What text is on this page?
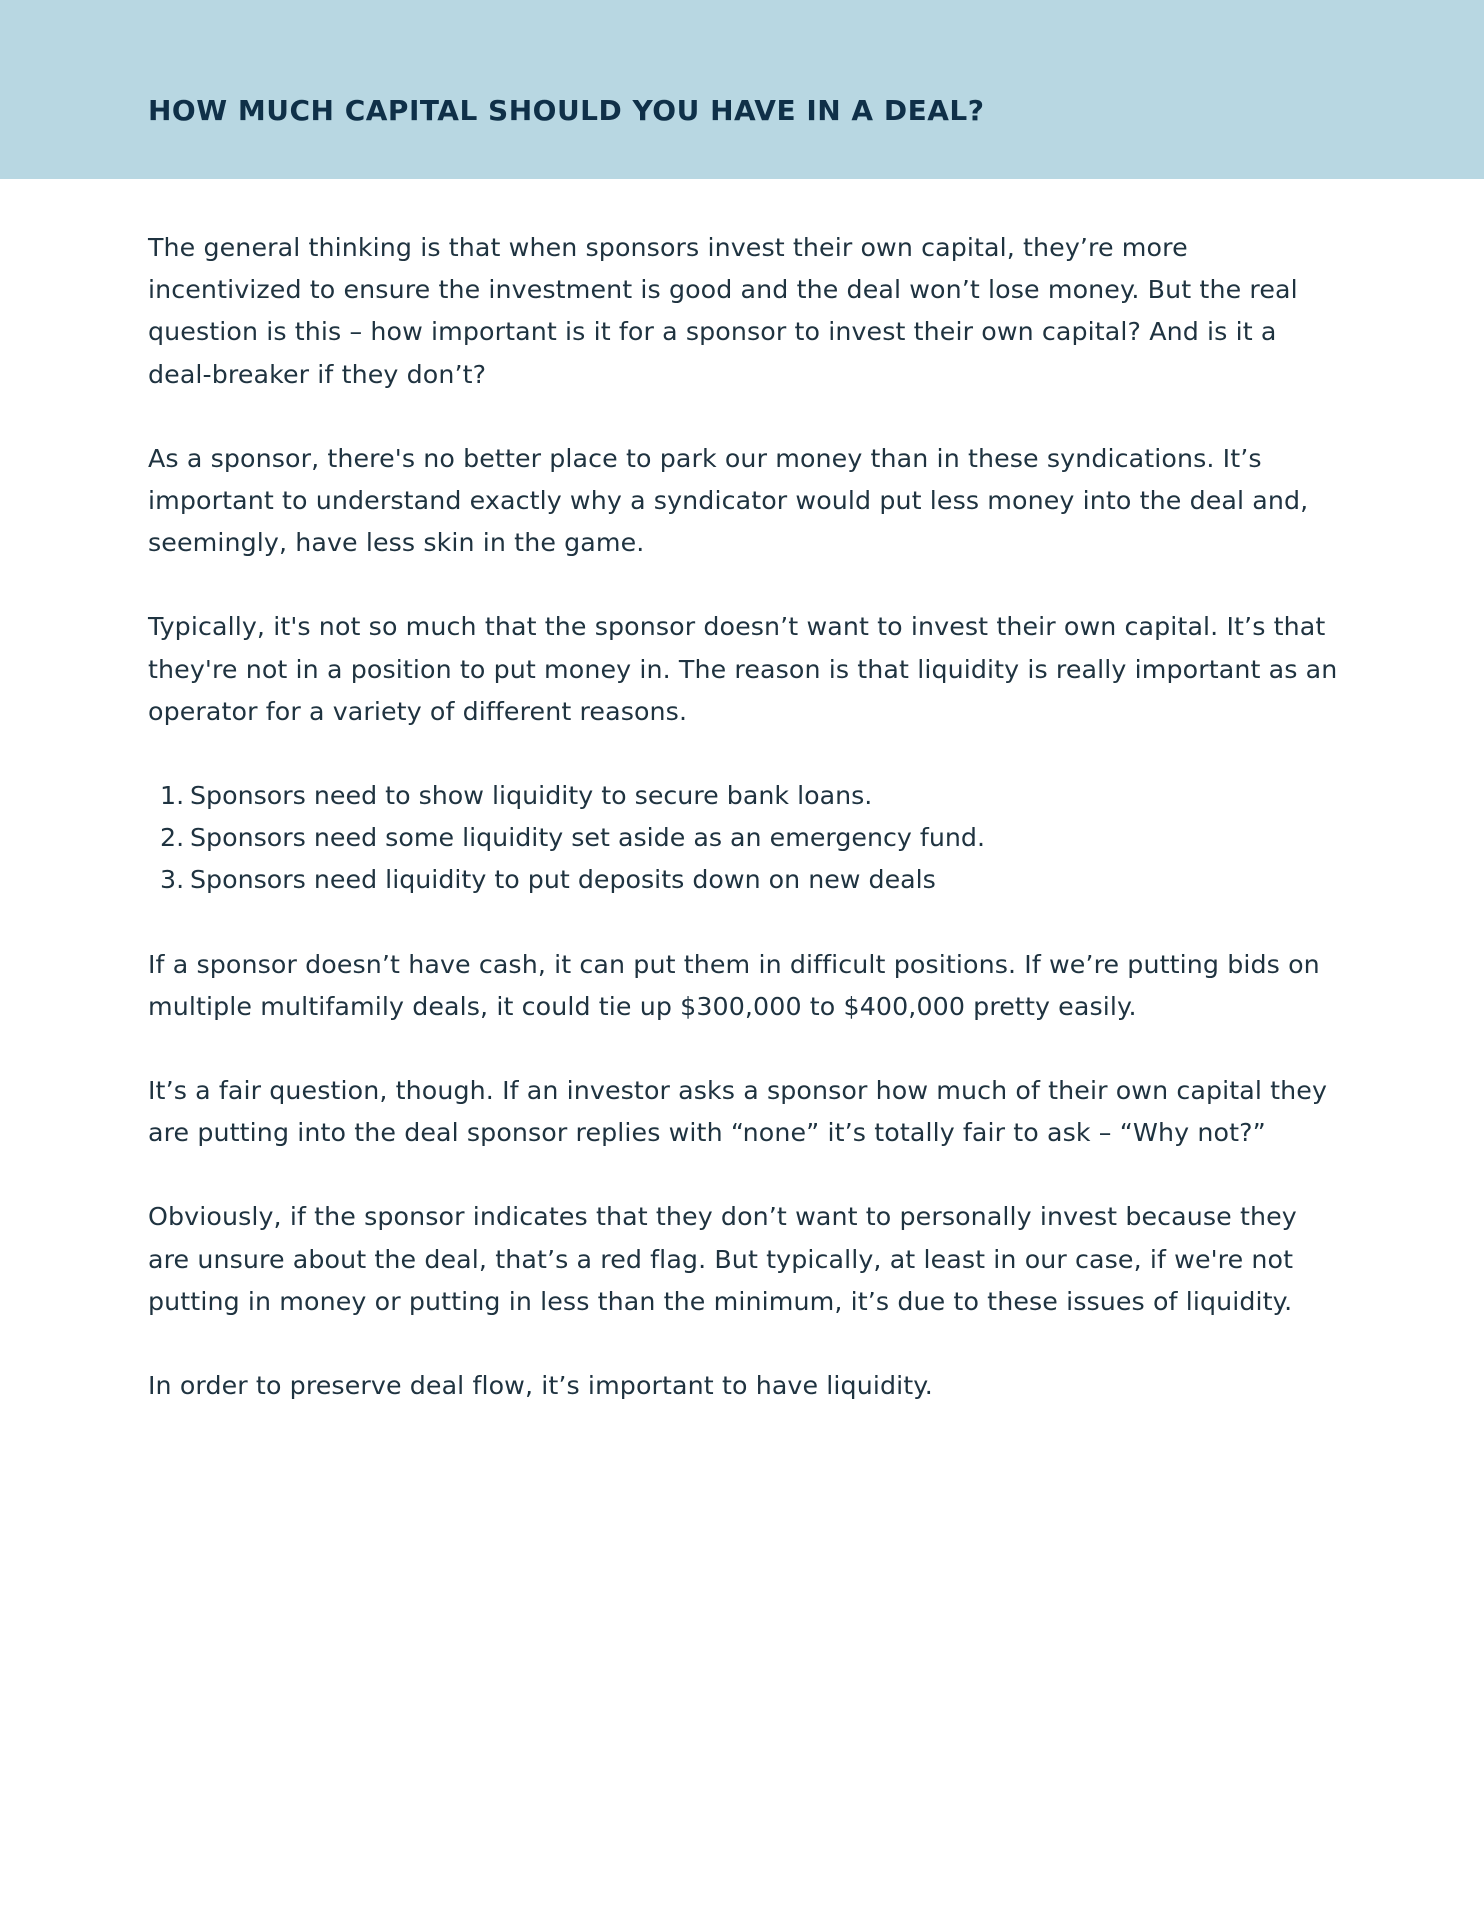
HOW MUCH CAPITAL SHOULD YOU HAVE IN A DEAL?

The general thinking is that when sponsors invest their own capital, they’re more incentivized to ensure the investment is good and the deal won’t lose money. But the real question is this – how important is it for a sponsor to invest their own capital? And is it a deal-breaker if they don’t?

As a sponsor, there's no better place to park our money than in these syndications. It’s important to understand exactly why a syndicator would put less money into the deal and, seemingly, have less skin in the game.

Typically, it's not so much that the sponsor doesn’t want to invest their own capital. It’s that they're not in a position to put money in. The reason is that liquidity is really important as an operator for a variety of different reasons.

1. Sponsors need to show liquidity to secure bank loans.
2. Sponsors need some liquidity set aside as an emergency fund.
3. Sponsors need liquidity to put deposits down on new deals

If a sponsor doesn’t have cash, it can put them in difficult positions. If we’re putting bids on multiple multifamily deals, it could tie up $300,000 to $400,000 pretty easily.

It’s a fair question, though. If an investor asks a sponsor how much of their own capital they are putting into the deal sponsor replies with “none” it’s totally fair to ask – “Why not?”

Obviously, if the sponsor indicates that they don’t want to personally invest because they are unsure about the deal, that’s a red flag. But typically, at least in our case, if we're not putting in money or putting in less than the minimum, it’s due to these issues of liquidity.

In order to preserve deal flow, it’s important to have liquidity.
